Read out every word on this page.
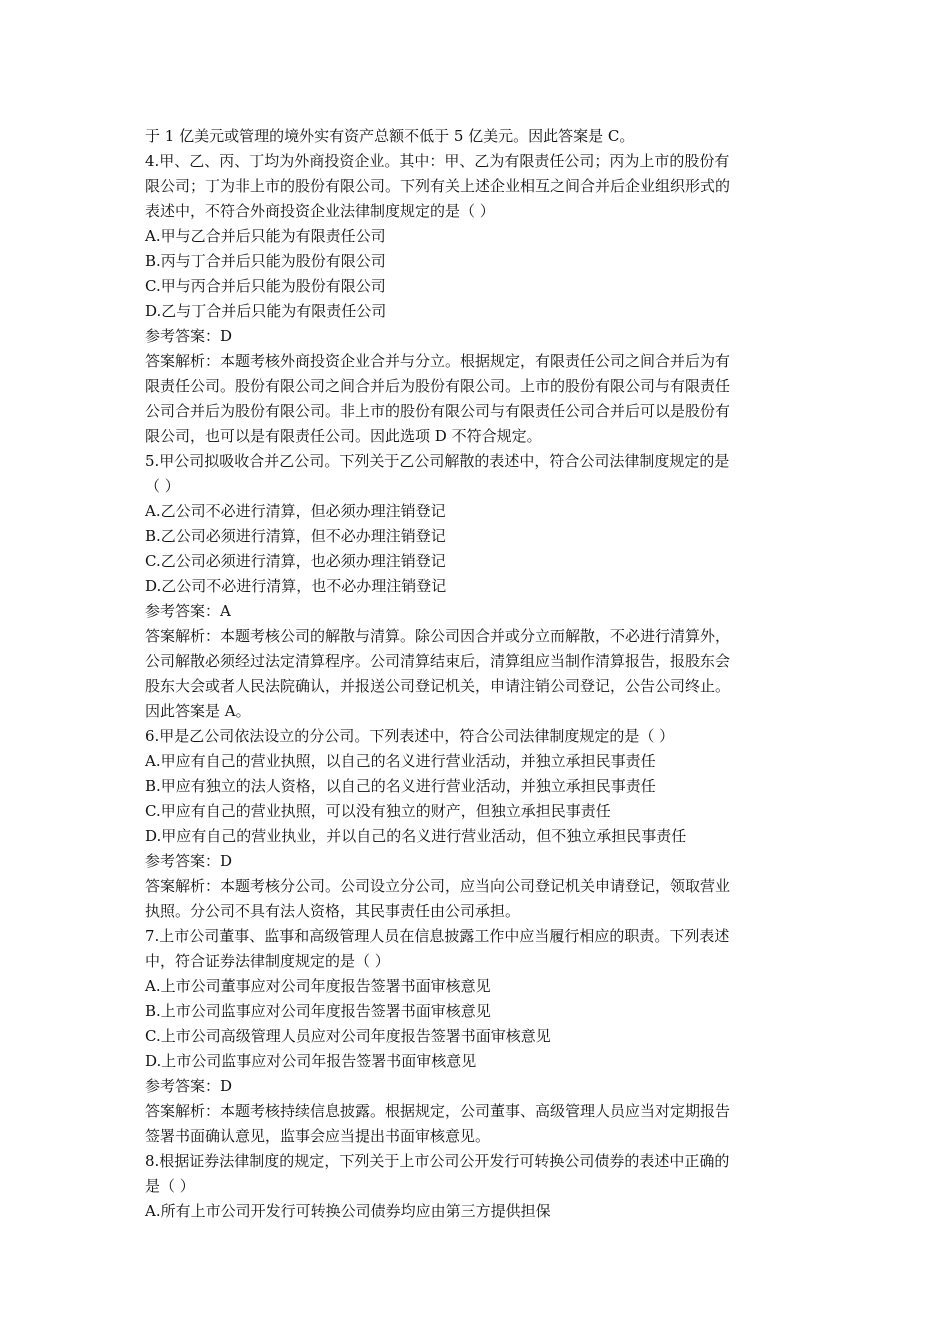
于 1 亿美元或管理的境外实有资产总额不低于 5 亿美元。因此答案是 C。
4.甲、乙、丙、丁均为外商投资企业。其中：甲、乙为有限责任公司；丙为上市的股份有
限公司；丁为非上市的股份有限公司。下列有关上述企业相互之间合并后企业组织形式的
表述中，不符合外商投资企业法律制度规定的是（ ）
A.甲与乙合并后只能为有限责任公司
B.丙与丁合并后只能为股份有限公司
C.甲与丙合并后只能为股份有限公司
D.乙与丁合并后只能为有限责任公司
参考答案：D
答案解析：本题考核外商投资企业合并与分立。根据规定，有限责任公司之间合并后为有
限责任公司。股份有限公司之间合并后为股份有限公司。上市的股份有限公司与有限责任
公司合并后为股份有限公司。非上市的股份有限公司与有限责任公司合并后可以是股份有
限公司，也可以是有限责任公司。因此选项 D 不符合规定。
5.甲公司拟吸收合并乙公司。下列关于乙公司解散的表述中，符合公司法律制度规定的是
（ ）
A.乙公司不必进行清算，但必须办理注销登记
B.乙公司必须进行清算，但不必办理注销登记
C.乙公司必须进行清算，也必须办理注销登记
D.乙公司不必进行清算，也不必办理注销登记
参考答案：A
答案解析：本题考核公司的解散与清算。除公司因合并或分立而解散，不必进行清算外，
公司解散必须经过法定清算程序。公司清算结束后，清算组应当制作清算报告，报股东会
股东大会或者人民法院确认，并报送公司登记机关，申请注销公司登记，公告公司终止。
因此答案是 A。
6.甲是乙公司依法设立的分公司。下列表述中，符合公司法律制度规定的是（ ）
A.甲应有自己的营业执照，以自己的名义进行营业活动，并独立承担民事责任
B.甲应有独立的法人资格，以自己的名义进行营业活动，并独立承担民事责任
C.甲应有自己的营业执照，可以没有独立的财产，但独立承担民事责任
D.甲应有自己的营业执业，并以自己的名义进行营业活动，但不独立承担民事责任
参考答案：D
答案解析：本题考核分公司。公司设立分公司，应当向公司登记机关申请登记，领取营业
执照。分公司不具有法人资格，其民事责任由公司承担。
7.上市公司董事、监事和高级管理人员在信息披露工作中应当履行相应的职责。下列表述
中，符合证券法律制度规定的是（ ）
A.上市公司董事应对公司年度报告签署书面审核意见
B.上市公司监事应对公司年度报告签署书面审核意见
C.上市公司高级管理人员应对公司年度报告签署书面审核意见
D.上市公司监事应对公司年报告签署书面审核意见
参考答案：D
答案解析：本题考核持续信息披露。根据规定，公司董事、高级管理人员应当对定期报告
签署书面确认意见，监事会应当提出书面审核意见。
8.根据证券法律制度的规定，下列关于上市公司公开发行可转换公司债券的表述中正确的
是（ ）
A.所有上市公司开发行可转换公司债券均应由第三方提供担保
